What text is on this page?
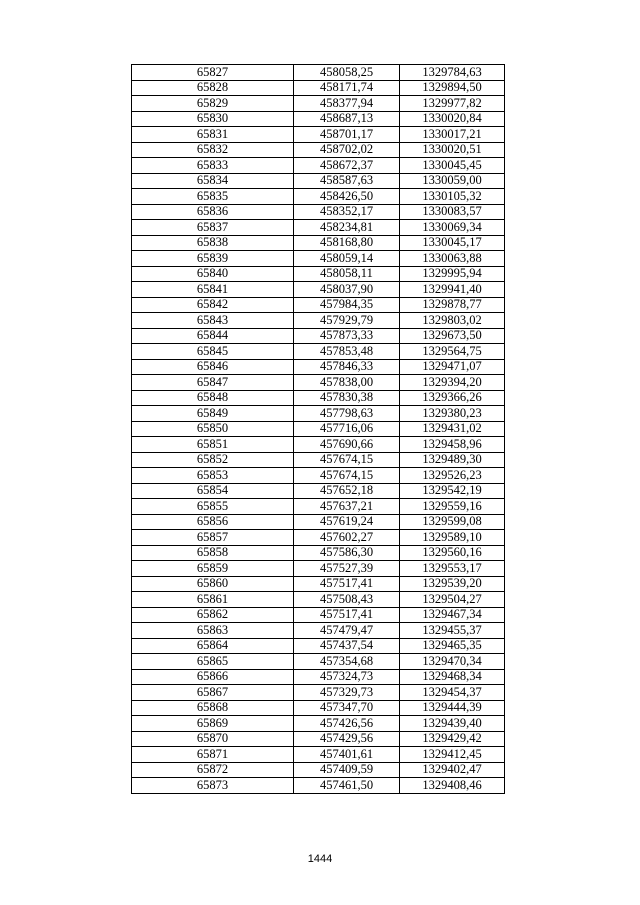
65827	458058,25	1329784,63
65828	458171,74	1329894,50
65829	458377,94	1329977,82
65830	458687,13	1330020,84
65831	458701,17	1330017,21
65832	458702,02	1330020,51
65833	458672,37	1330045,45
65834	458587,63	1330059,00
65835	458426,50	1330105,32
65836	458352,17	1330083,57
65837	458234,81	1330069,34
65838	458168,80	1330045,17
65839	458059,14	1330063,88
65840	458058,11	1329995,94
65841	458037,90	1329941,40
65842	457984,35	1329878,77
65843	457929,79	1329803,02
65844	457873,33	1329673,50
65845	457853,48	1329564,75
65846	457846,33	1329471,07
65847	457838,00	1329394,20
65848	457830,38	1329366,26
65849	457798,63	1329380,23
65850	457716,06	1329431,02
65851	457690,66	1329458,96
65852	457674,15	1329489,30
65853	457674,15	1329526,23
65854	457652,18	1329542,19
65855	457637,21	1329559,16
65856	457619,24	1329599,08
65857	457602,27	1329589,10
65858	457586,30	1329560,16
65859	457527,39	1329553,17
65860	457517,41	1329539,20
65861	457508,43	1329504,27
65862	457517,41	1329467,34
65863	457479,47	1329455,37
65864	457437,54	1329465,35
65865	457354,68	1329470,34
65866	457324,73	1329468,34
65867	457329,73	1329454,37
65868	457347,70	1329444,39
65869	457426,56	1329439,40
65870	457429,56	1329429,42
65871	457401,61	1329412,45
65872	457409,59	1329402,47
65873	457461,50	1329408,46
1444
